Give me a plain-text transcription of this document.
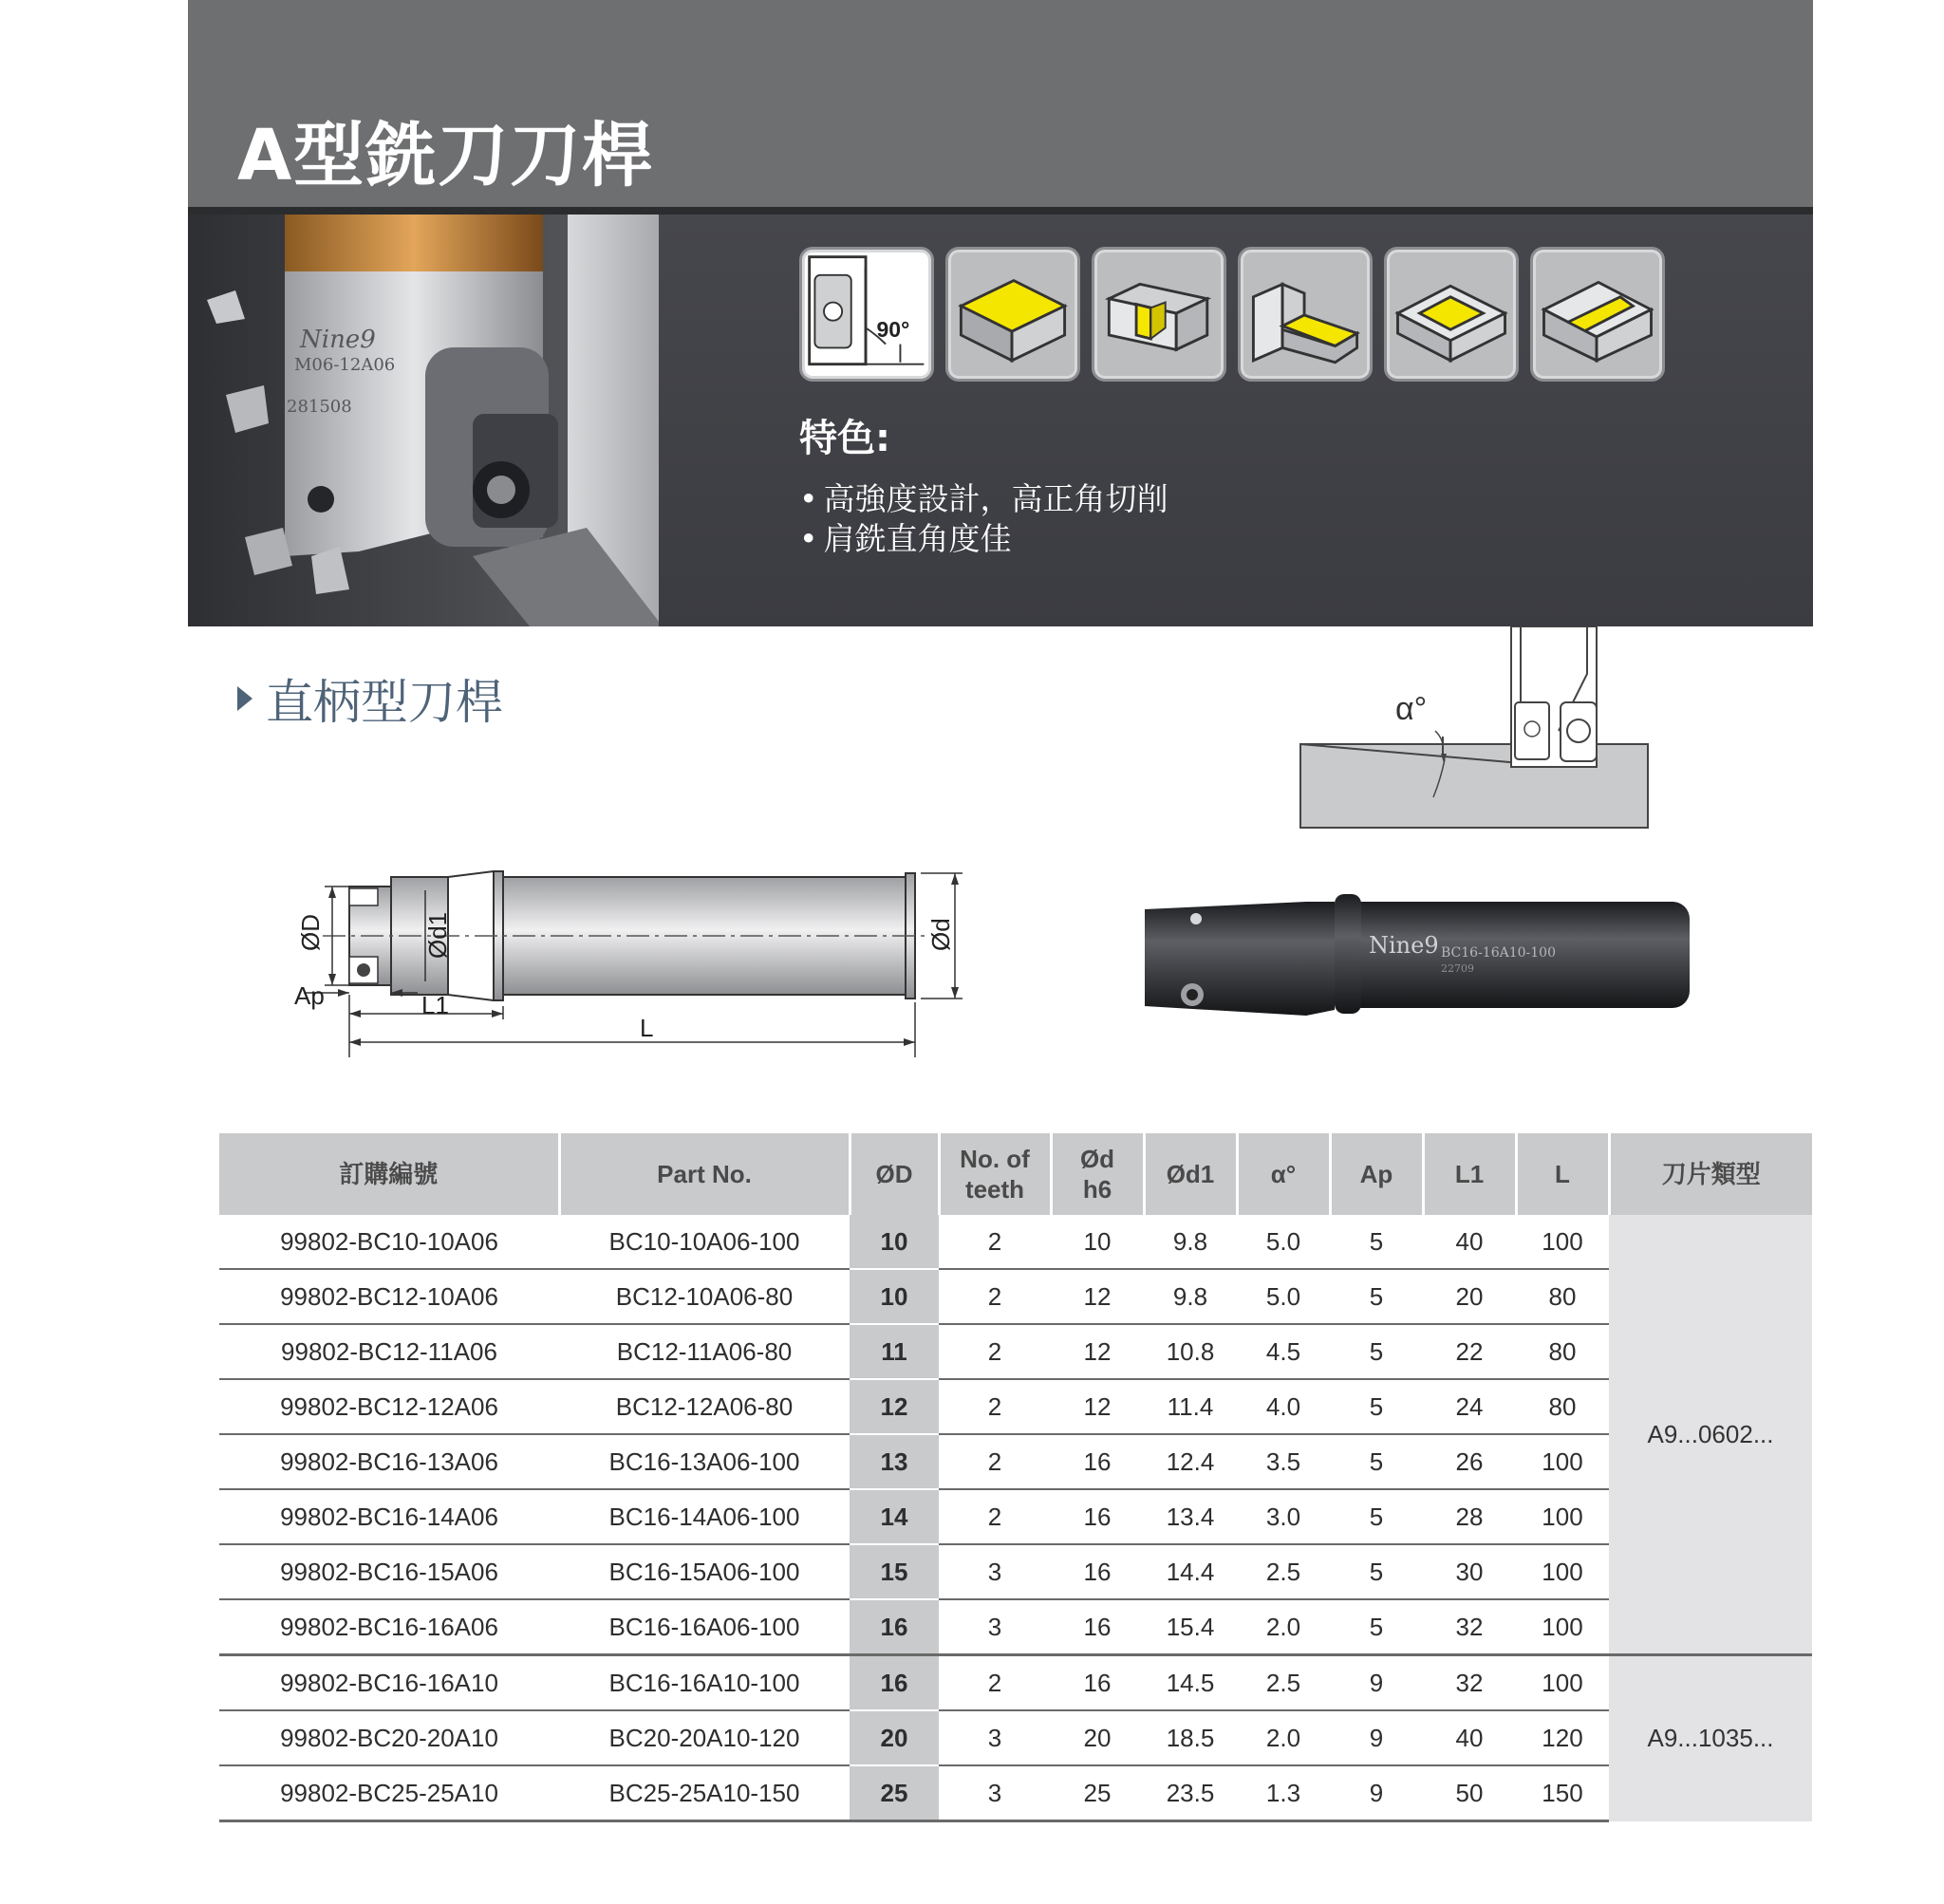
A型銑刀刀桿
Nine9
M06-12A06
281508
90°
特色:
• 高強度設計，高正角切削
• 肩銑直角度佳
直柄型刀桿	α°
Ap	L1
L
ØD	Ød1	Ød	Nine9 BC16-16A10-100
22709
訂購編號	Part No.	ØD	No. of
teeth	Ød
h6	Ød1	α°	Ap	L1	L	刀片類型
99802-BC10-10A06	BC10-10A06-100	10	2	10	9.8	5.0	5	40	100	A9...0602...
99802-BC12-10A06	BC12-10A06-80	10	2	12	9.8	5.0	5	20	80	
99802-BC12-11A06	BC12-11A06-80	11	2	12	10.8	4.5	5	22	80	
99802-BC12-12A06	BC12-12A06-80	12	2	12	11.4	4.0	5	24	80	
99802-BC16-13A06	BC16-13A06-100	13	2	16	12.4	3.5	5	26	100	
99802-BC16-14A06	BC16-14A06-100	14	2	16	13.4	3.0	5	28	100	
99802-BC16-15A06	BC16-15A06-100	15	3	16	14.4	2.5	5	30	100	
99802-BC16-16A06	BC16-16A06-100	16	3	16	15.4	2.0	5	32	100	
99802-BC16-16A10	BC16-16A10-100	16	2	16	14.5	2.5	9	32	100	A9...1035...
99802-BC20-20A10	BC20-20A10-120	20	3	20	18.5	2.0	9	40	120	
99802-BC25-25A10	BC25-25A10-150	25	3	25	23.5	1.3	9	50	150	
